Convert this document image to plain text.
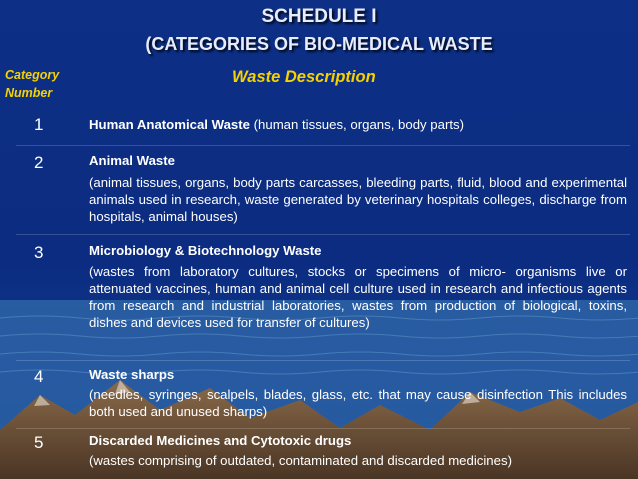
SCHEDULE I
(CATEGORIES OF BIO-MEDICAL WASTE
Category
Number
Waste Description
1	Human Anatomical Waste (human tissues, organs, body parts)
2	Animal Waste
(animal tissues, organs, body parts carcasses, bleeding parts, fluid, blood and experimental animals used in research, waste generated by veterinary hospitals colleges, discharge from hospitals, animal houses)
3	Microbiology & Biotechnology Waste
(wastes from laboratory cultures, stocks or specimens of micro- organisms live or attenuated vaccines, human and animal cell culture used in research and infectious agents from research and industrial laboratories, wastes from production of biological, toxins, dishes and devices used for transfer of cultures)
4	Waste sharps
(needles, syringes, scalpels, blades, glass, etc. that may cause disinfection This includes both used and unused sharps)
5	Discarded Medicines and Cytotoxic drugs
(wastes comprising of outdated, contaminated and discarded medicines)
